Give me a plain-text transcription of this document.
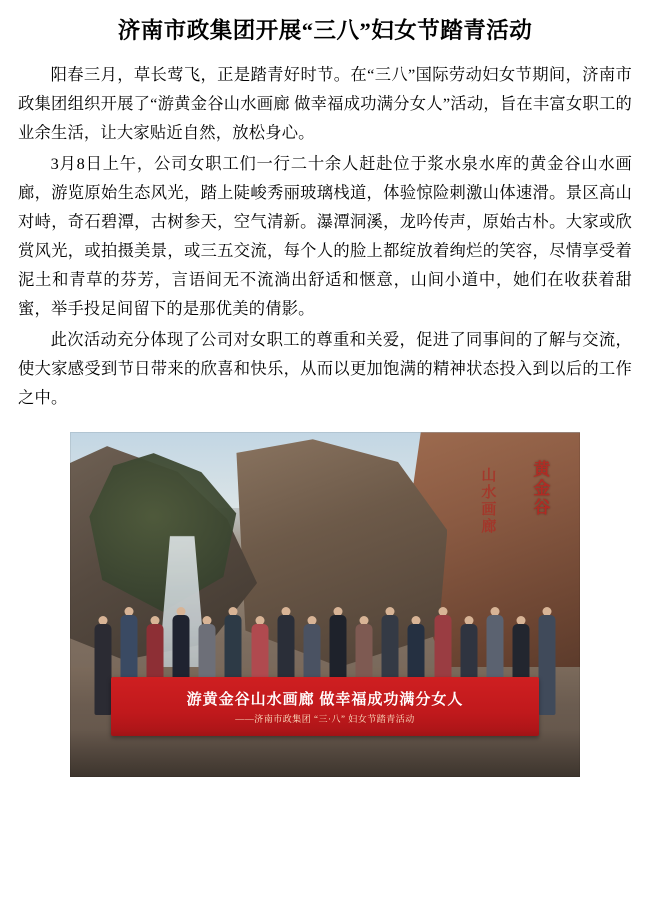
济南市政集团开展“三八”妇女节踏青活动

阳春三月，草长莺飞，正是踏青好时节。在“三八”国际劳动妇女节期间，济南市政集团组织开展了“游黄金谷山水画廊 做幸福成功满分女人”活动，旨在丰富女职工的业余生活，让大家贴近自然，放松身心。

3月8日上午，公司女职工们一行二十余人赶赴位于浆水泉水库的黄金谷山水画廊，游览原始生态风光，踏上陡峻秀丽玻璃栈道，体验惊险刺激山体速滑。景区高山对峙，奇石碧潭，古树参天，空气清新。瀑潭洞溪，龙吟传声，原始古朴。大家或欣赏风光，或拍摄美景，或三五交流，每个人的脸上都绽放着绚烂的笑容，尽情享受着泥土和青草的芬芳，言语间无不流淌出舒适和惬意，山间小道中，她们在收获着甜蜜，举手投足间留下的是那优美的倩影。

此次活动充分体现了公司对女职工的尊重和关爱，促进了同事间的了解与交流，使大家感受到节日带来的欣喜和快乐，从而以更加饱满的精神状态投入到以后的工作之中。

黄金谷
山水画廊
游黄金谷山水画廊 做幸福成功满分女人
——济南市政集团 “三·八” 妇女节踏青活动
